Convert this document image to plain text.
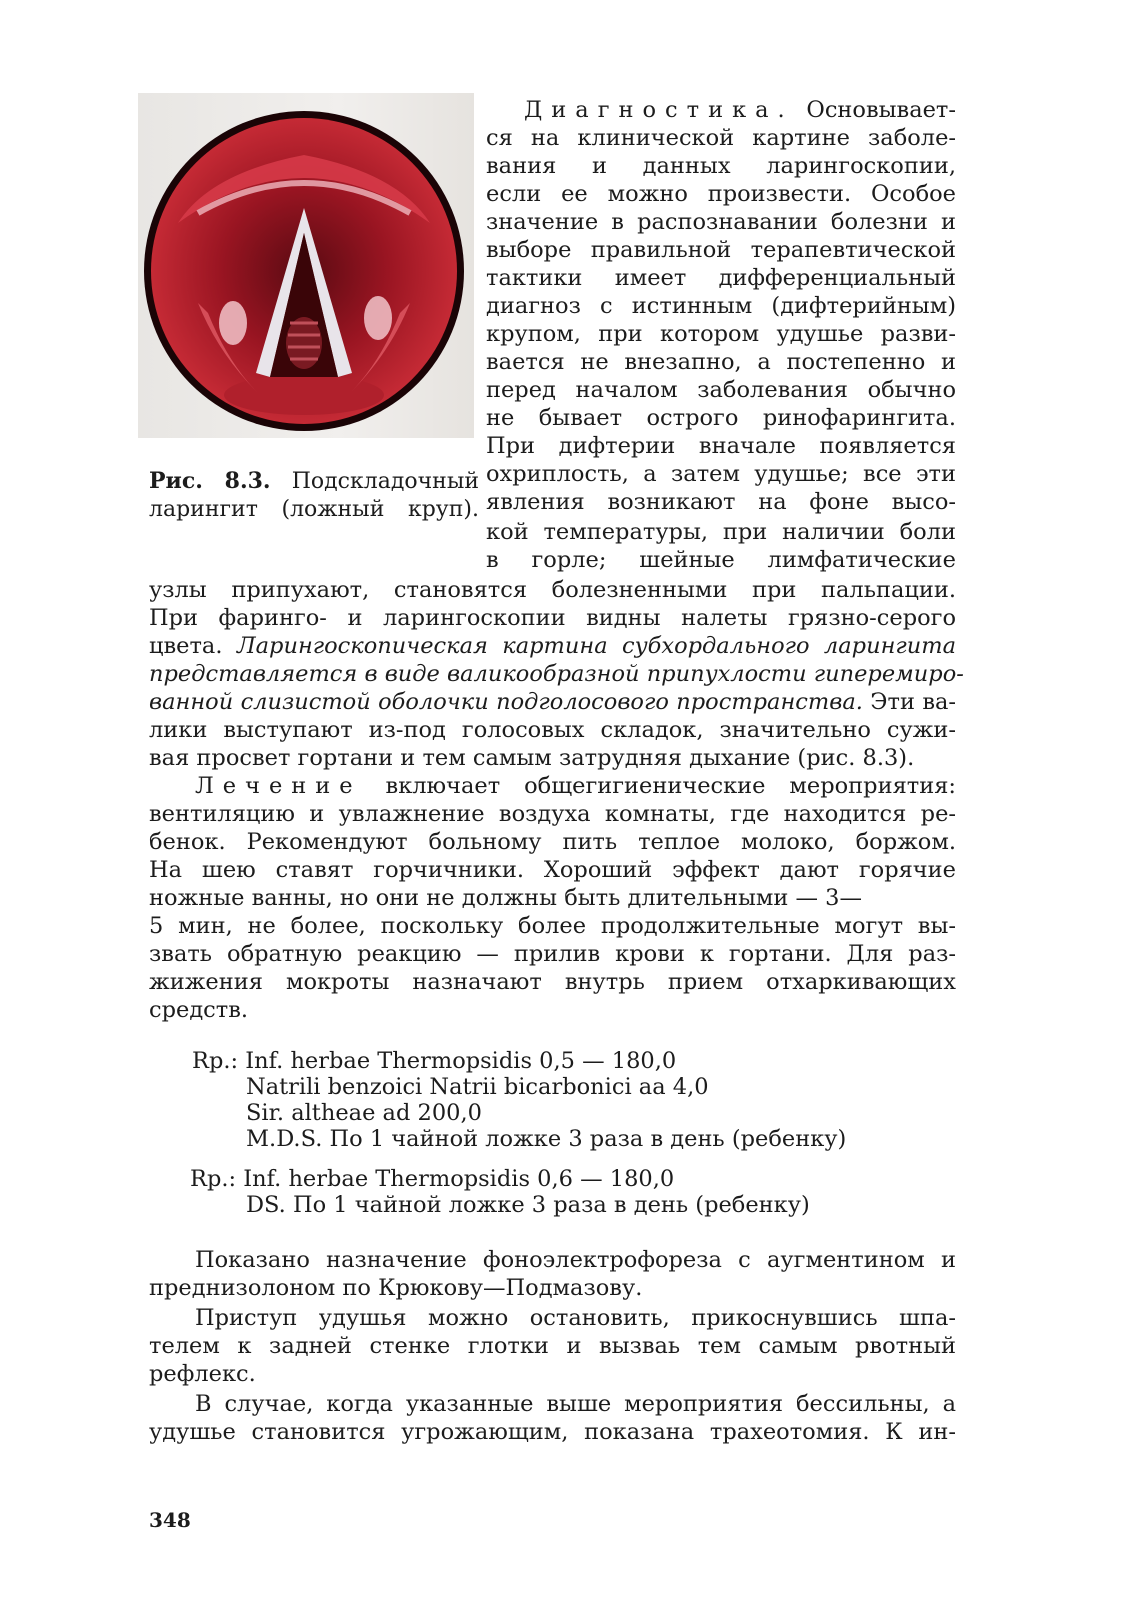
Рис. 8.3. Подскладочный
ларингит (ложный круп).
Диагностика. Основывает-
ся на клинической картине заболе-
вания и данных ларингоскопии,
если ее можно произвести. Особое
значение в распознавании болезни и
выборе правильной терапевтической
тактики имеет дифференциальный
диагноз с истинным (дифтерийным)
крупом, при котором удушье разви-
вается не внезапно, а постепенно и
перед началом заболевания обычно
не бывает острого ринофарингита.
При дифтерии вначале появляется
охриплость, а затем удушье; все эти
явления возникают на фоне высо-
кой температуры, при наличии боли
в горле; шейные лимфатические
узлы припухают, становятся болезненными при пальпации.
При фаринго- и ларингоскопии видны налеты грязно-серого
цвета. Ларингоскопическая картина субхордального ларингита
представляется в виде валикообразной припухлости гиперемиро-
ванной слизистой оболочки подголосового пространства. Эти ва-
лики выступают из-под голосовых складок, значительно сужи-
вая просвет гортани и тем самым затрудняя дыхание (рис. 8.3).
Лечение включает общегигиенические мероприятия:
вентиляцию и увлажнение воздуха комнаты, где находится ре-
бенок. Рекомендуют больному пить теплое молоко, боржом.
На шею ставят горчичники. Хороший эффект дают горячие
ножные ванны, но они не должны быть длительными — 3—
5 мин, не более, поскольку более продолжительные могут вы-
звать обратную реакцию — прилив крови к гортани. Для раз-
жижения мокроты назначают внутрь прием отхаркивающих
средств.
Rp.: Inf. herbae Thermopsidis 0,5 — 180,0
Natrili benzoici Natrii bicarbonici aa 4,0
Sir. altheae ad 200,0
M.D.S. По 1 чайной ложке 3 раза в день (ребенку)
Rp.: Inf. herbae Thermopsidis 0,6 — 180,0
DS. По 1 чайной ложке 3 раза в день (ребенку)
Показано назначение фоноэлектрофореза с аугментином и
преднизолоном по Крюкову—Подмазову.
Приступ удушья можно остановить, прикоснувшись шпа-
телем к задней стенке глотки и вызваь тем самым рвотный
рефлекс.
В случае, когда указанные выше мероприятия бессильны, а
удушье становится угрожающим, показана трахеотомия. К ин-
348
